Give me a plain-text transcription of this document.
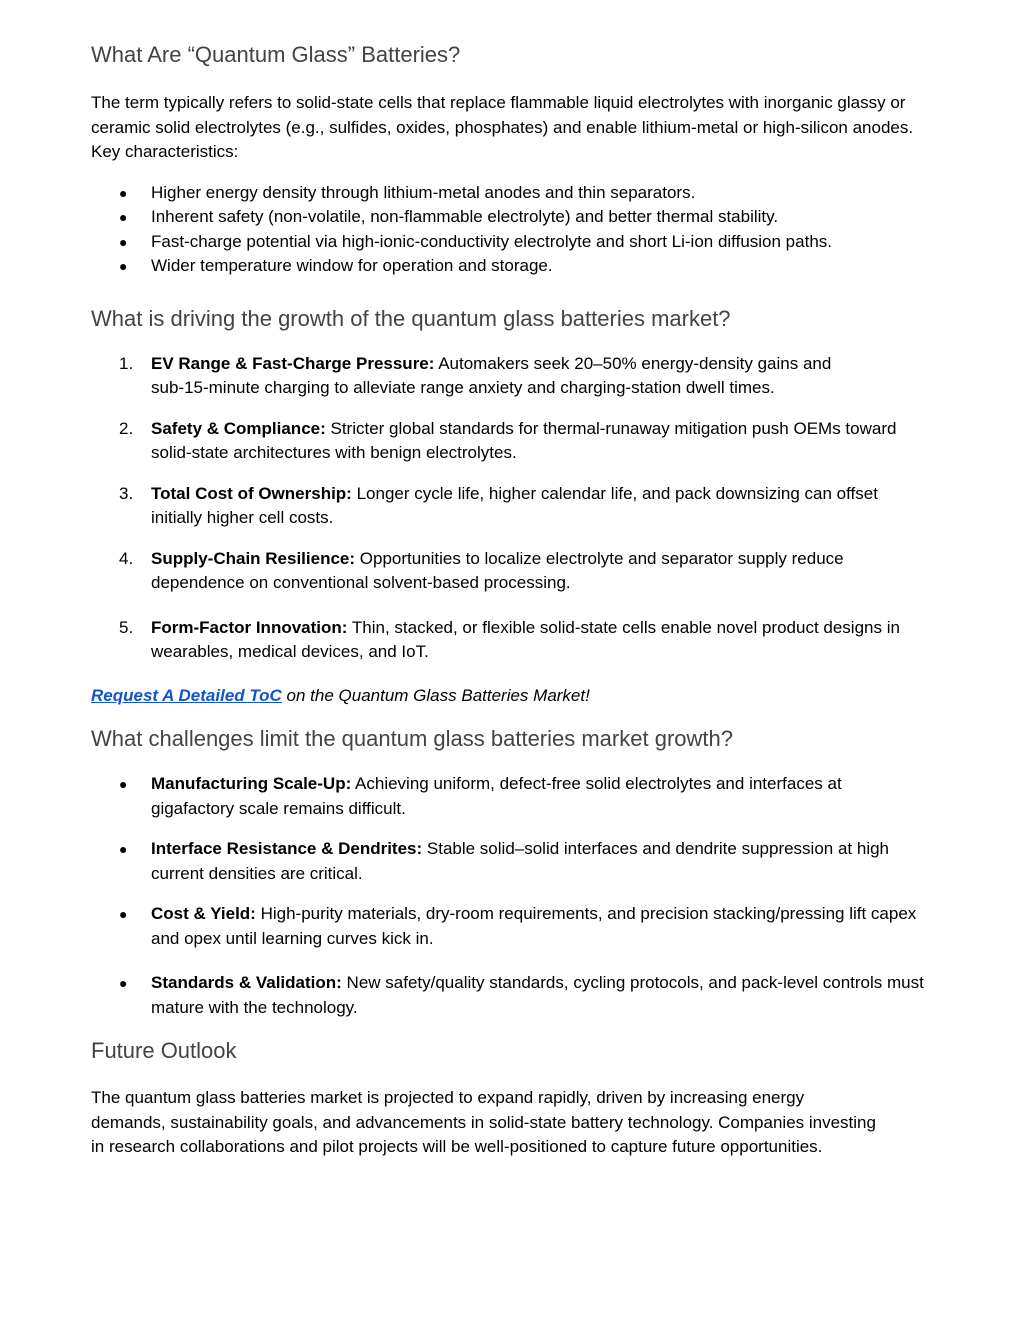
What Are “Quantum Glass” Batteries?

The term typically refers to solid‑state cells that replace flammable liquid electrolytes with inorganic glassy or ceramic solid electrolytes (e.g., sulfides, oxides, phosphates) and enable lithium‑metal or high‑silicon anodes. Key characteristics:

● Higher energy density through lithium‑metal anodes and thin separators.
● Inherent safety (non‑volatile, non‑flammable electrolyte) and better thermal stability.
● Fast‑charge potential via high‑ionic‑conductivity electrolyte and short Li‑ion diffusion paths.
● Wider temperature window for operation and storage.
What is driving the growth of the quantum glass batteries market?
1. EV Range & Fast‑Charge Pressure: Automakers seek 20–50% energy‑density gains and sub‑15‑minute charging to alleviate range anxiety and charging‑station dwell times.
2. Safety & Compliance: Stricter global standards for thermal‑runaway mitigation push OEMs toward solid‑state architectures with benign electrolytes.
3. Total Cost of Ownership: Longer cycle life, higher calendar life, and pack downsizing can offset initially higher cell costs.
4. Supply‑Chain Resilience: Opportunities to localize electrolyte and separator supply reduce dependence on conventional solvent‑based processing.
5. Form‑Factor Innovation: Thin, stacked, or flexible solid‑state cells enable novel product designs in wearables, medical devices, and IoT.

Request A Detailed ToC on the Quantum Glass Batteries Market!

What challenges limit the quantum glass batteries market growth?
● Manufacturing Scale‑Up: Achieving uniform, defect‑free solid electrolytes and interfaces at gigafactory scale remains difficult.
● Interface Resistance & Dendrites: Stable solid–solid interfaces and dendrite suppression at high current densities are critical.
● Cost & Yield: High‑purity materials, dry‑room requirements, and precision stacking/pressing lift capex and opex until learning curves kick in.
● Standards & Validation: New safety/quality standards, cycling protocols, and pack‑level controls must mature with the technology.
Future Outlook

The quantum glass batteries market is projected to expand rapidly, driven by increasing energy demands, sustainability goals, and advancements in solid-state battery technology. Companies investing in research collaborations and pilot projects will be well-positioned to capture future opportunities.
